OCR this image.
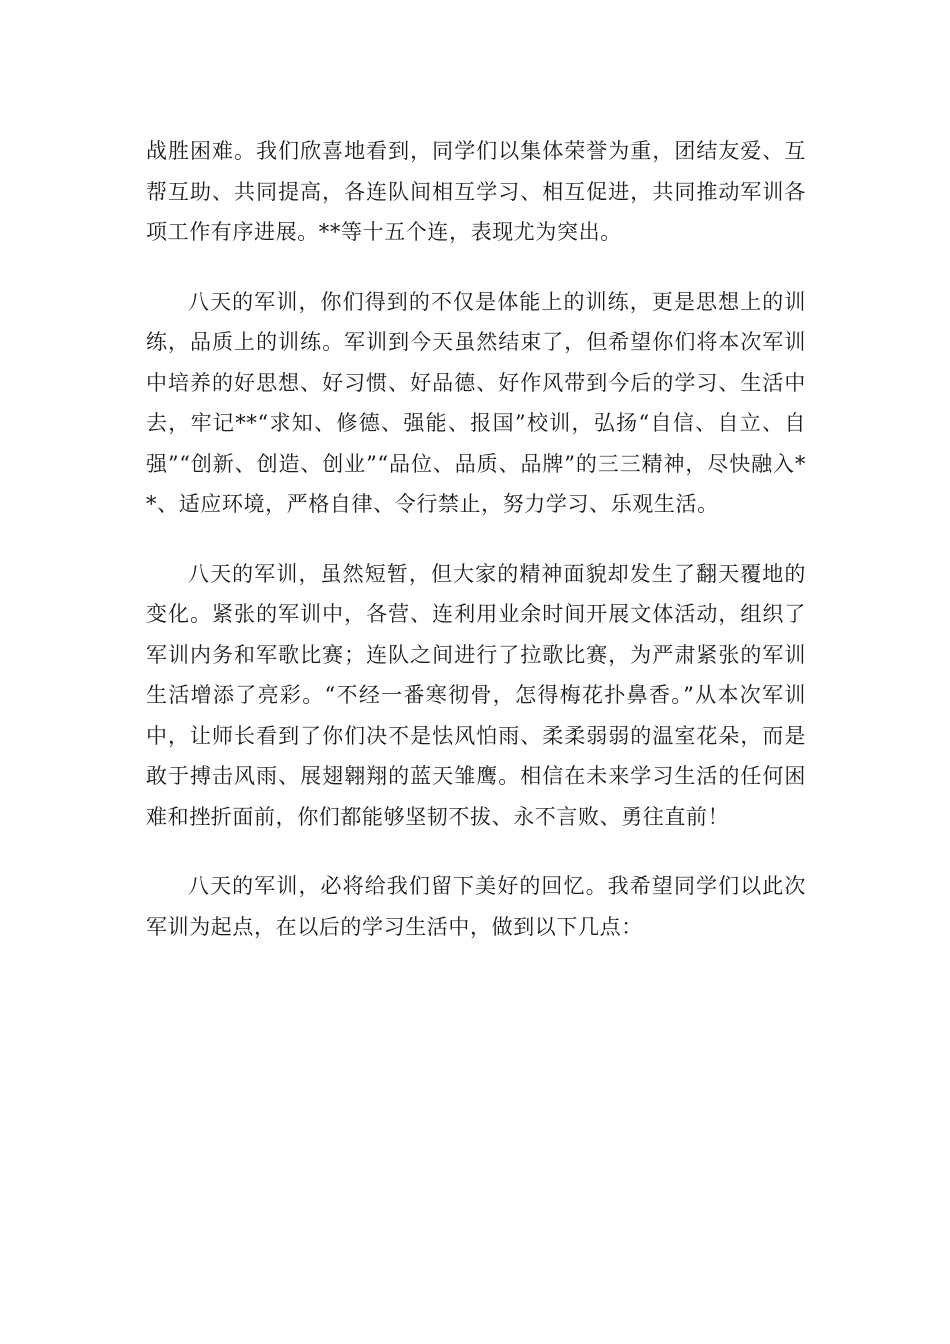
战胜困难。我们欣喜地看到，同学们以集体荣誉为重，团结友爱、互帮互助、共同提高，各连队间相互学习、相互促进，共同推动军训各项工作有序进展。**等十五个连，表现尤为突出。

八天的军训，你们得到的不仅是体能上的训练，更是思想上的训练，品质上的训练。军训到今天虽然结束了，但希望你们将本次军训中培养的好思想、好习惯、好品德、好作风带到今后的学习、生活中去，牢记**“求知、修德、强能、报国”校训，弘扬“自信、自立、自强”“创新、创造、创业”“品位、品质、品牌”的三三精神，尽快融入**、适应环境，严格自律、令行禁止，努力学习、乐观生活。

八天的军训，虽然短暂，但大家的精神面貌却发生了翻天覆地的变化。紧张的军训中，各营、连利用业余时间开展文体活动，组织了军训内务和军歌比赛；连队之间进行了拉歌比赛，为严肃紧张的军训生活增添了亮彩。“不经一番寒彻骨，怎得梅花扑鼻香。”从本次军训中，让师长看到了你们决不是怯风怕雨、柔柔弱弱的温室花朵，而是敢于搏击风雨、展翅翱翔的蓝天雏鹰。相信在未来学习生活的任何困难和挫折面前，你们都能够坚韧不拔、永不言败、勇往直前！

八天的军训，必将给我们留下美好的回忆。我希望同学们以此次军训为起点，在以后的学习生活中，做到以下几点：
